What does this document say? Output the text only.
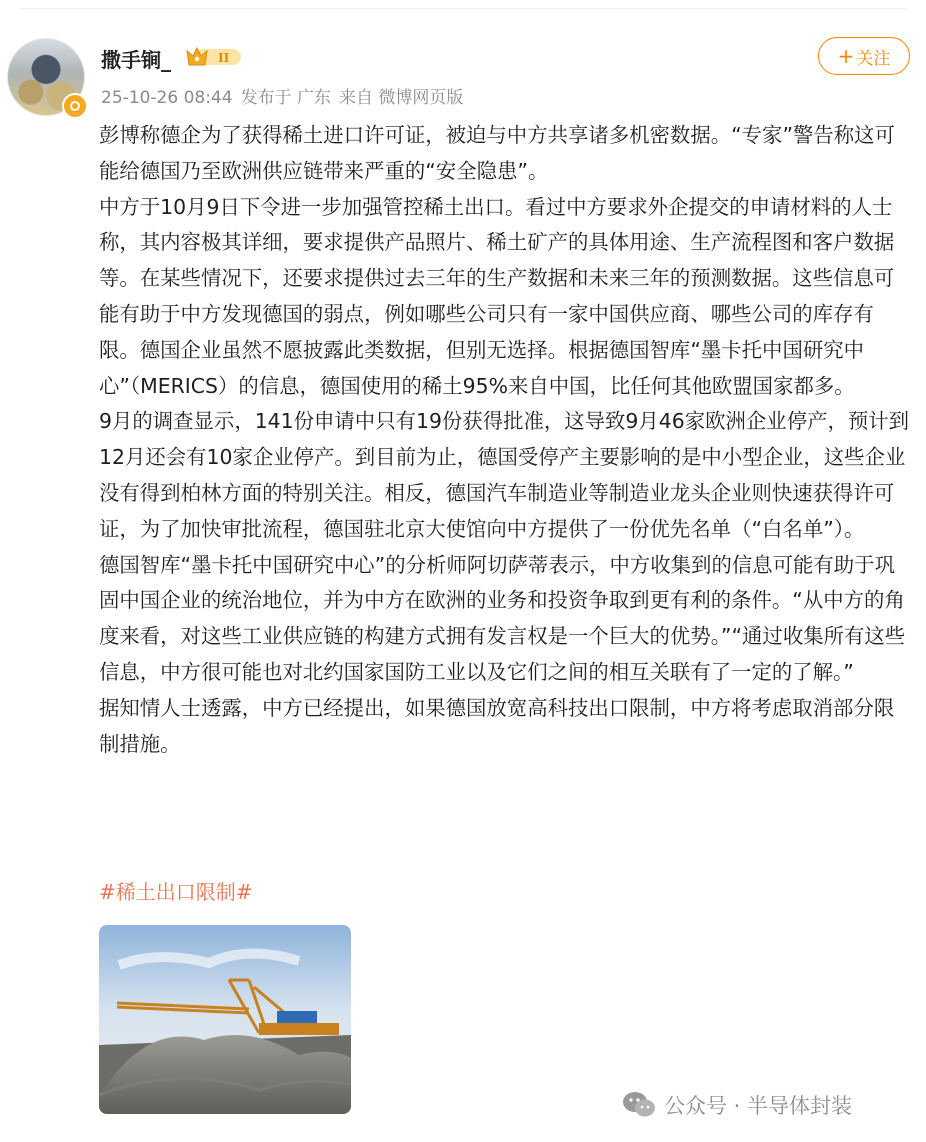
撒手锏_	II
25-10-26 08:44 发布于 广东 来自 微博网页版
+ 关注

彭博称德企为了获得稀土进口许可证，被迫与中方共享诸多机密数据。“专家”警告称这可能给德国乃至欧洲供应链带来严重的“安全隐患”。

中方于10月9日下令进一步加强管控稀土出口。看过中方要求外企提交的申请材料的人士称，其内容极其详细，要求提供产品照片、稀土矿产的具体用途、生产流程图和客户数据等。在某些情况下，还要求提供过去三年的生产数据和未来三年的预测数据。这些信息可能有助于中方发现德国的弱点，例如哪些公司只有一家中国供应商、哪些公司的库存有限。德国企业虽然不愿披露此类数据，但别无选择。根据德国智库“墨卡托中国研究中心”（MERICS）的信息，德国使用的稀土95%来自中国，比任何其他欧盟国家都多。

9月的调查显示，141份申请中只有19份获得批准，这导致9月46家欧洲企业停产，预计到12月还会有10家企业停产。到目前为止，德国受停产主要影响的是中小型企业，这些企业没有得到柏林方面的特别关注。相反，德国汽车制造业等制造业龙头企业则快速获得许可证，为了加快审批流程，德国驻北京大使馆向中方提供了一份优先名单（“白名单”）。

德国智库“墨卡托中国研究中心”的分析师阿切萨蒂表示，中方收集到的信息可能有助于巩固中国企业的统治地位，并为中方在欧洲的业务和投资争取到更有利的条件。“从中方的角度来看，对这些工业供应链的构建方式拥有发言权是一个巨大的优势。”“通过收集所有这些信息，中方很可能也对北约国家国防工业以及它们之间的相互关联有了一定的了解。”

据知情人士透露，中方已经提出，如果德国放宽高科技出口限制，中方将考虑取消部分限制措施。

#稀土出口限制#
公众号 · 半导体封装
